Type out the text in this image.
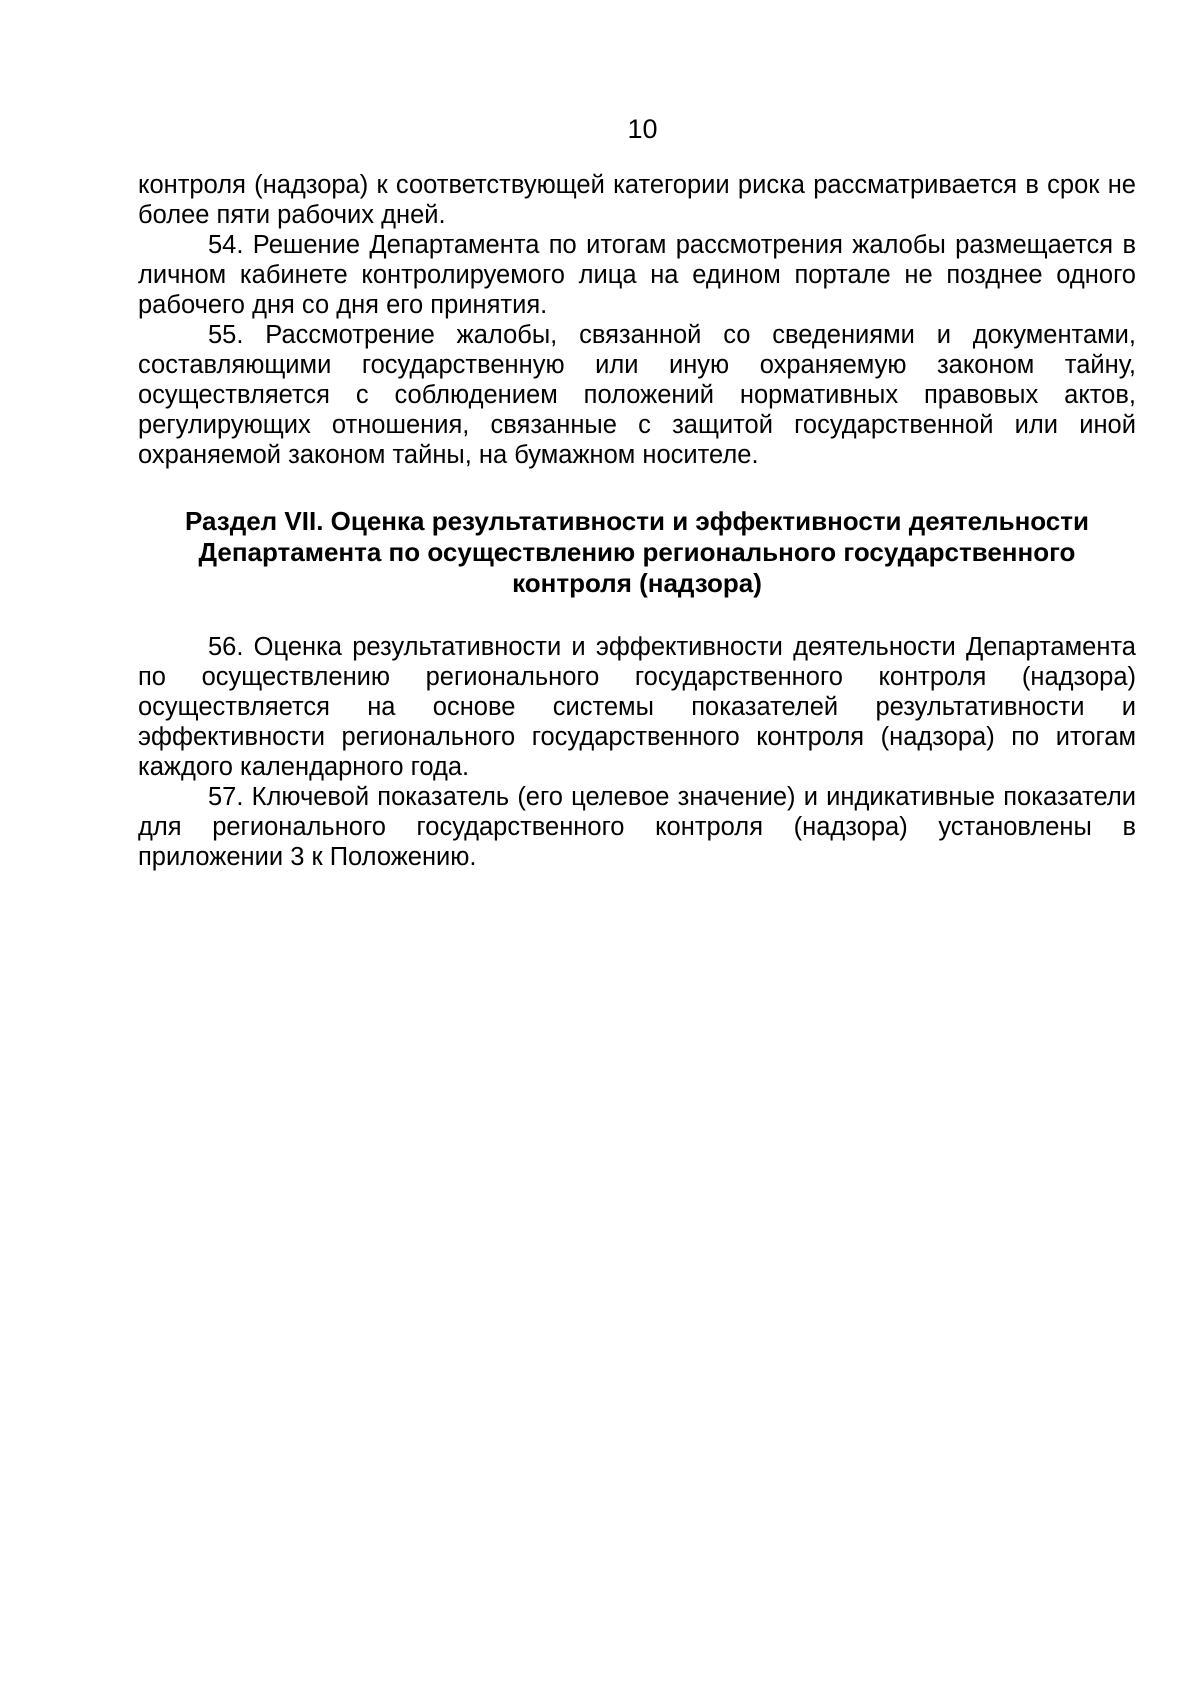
10

контроля (надзора) к соответствующей категории риска рассматривается в срок не более пяти рабочих дней.

54. Решение Департамента по итогам рассмотрения жалобы размещается в личном кабинете контролируемого лица на едином портале не позднее одного рабочего дня со дня его принятия.

55. Рассмотрение жалобы, связанной со сведениями и документами, составляющими государственную или иную охраняемую законом тайну, осуществляется с соблюдением положений нормативных правовых актов, регулирующих отношения, связанные с защитой государственной или иной охраняемой законом тайны, на бумажном носителе.

Раздел VII. Оценка результативности и эффективности деятельности
Департамента по осуществлению регионального государственного
контроля (надзора)

56. Оценка результативности и эффективности деятельности Департамента по осуществлению регионального государственного контроля (надзора) осуществляется на основе системы показателей результативности и эффективности регионального государственного контроля (надзора) по итогам каждого календарного года.

57. Ключевой показатель (его целевое значение) и индикативные показатели для регионального государственного контроля (надзора) установлены в приложении 3 к Положению.
